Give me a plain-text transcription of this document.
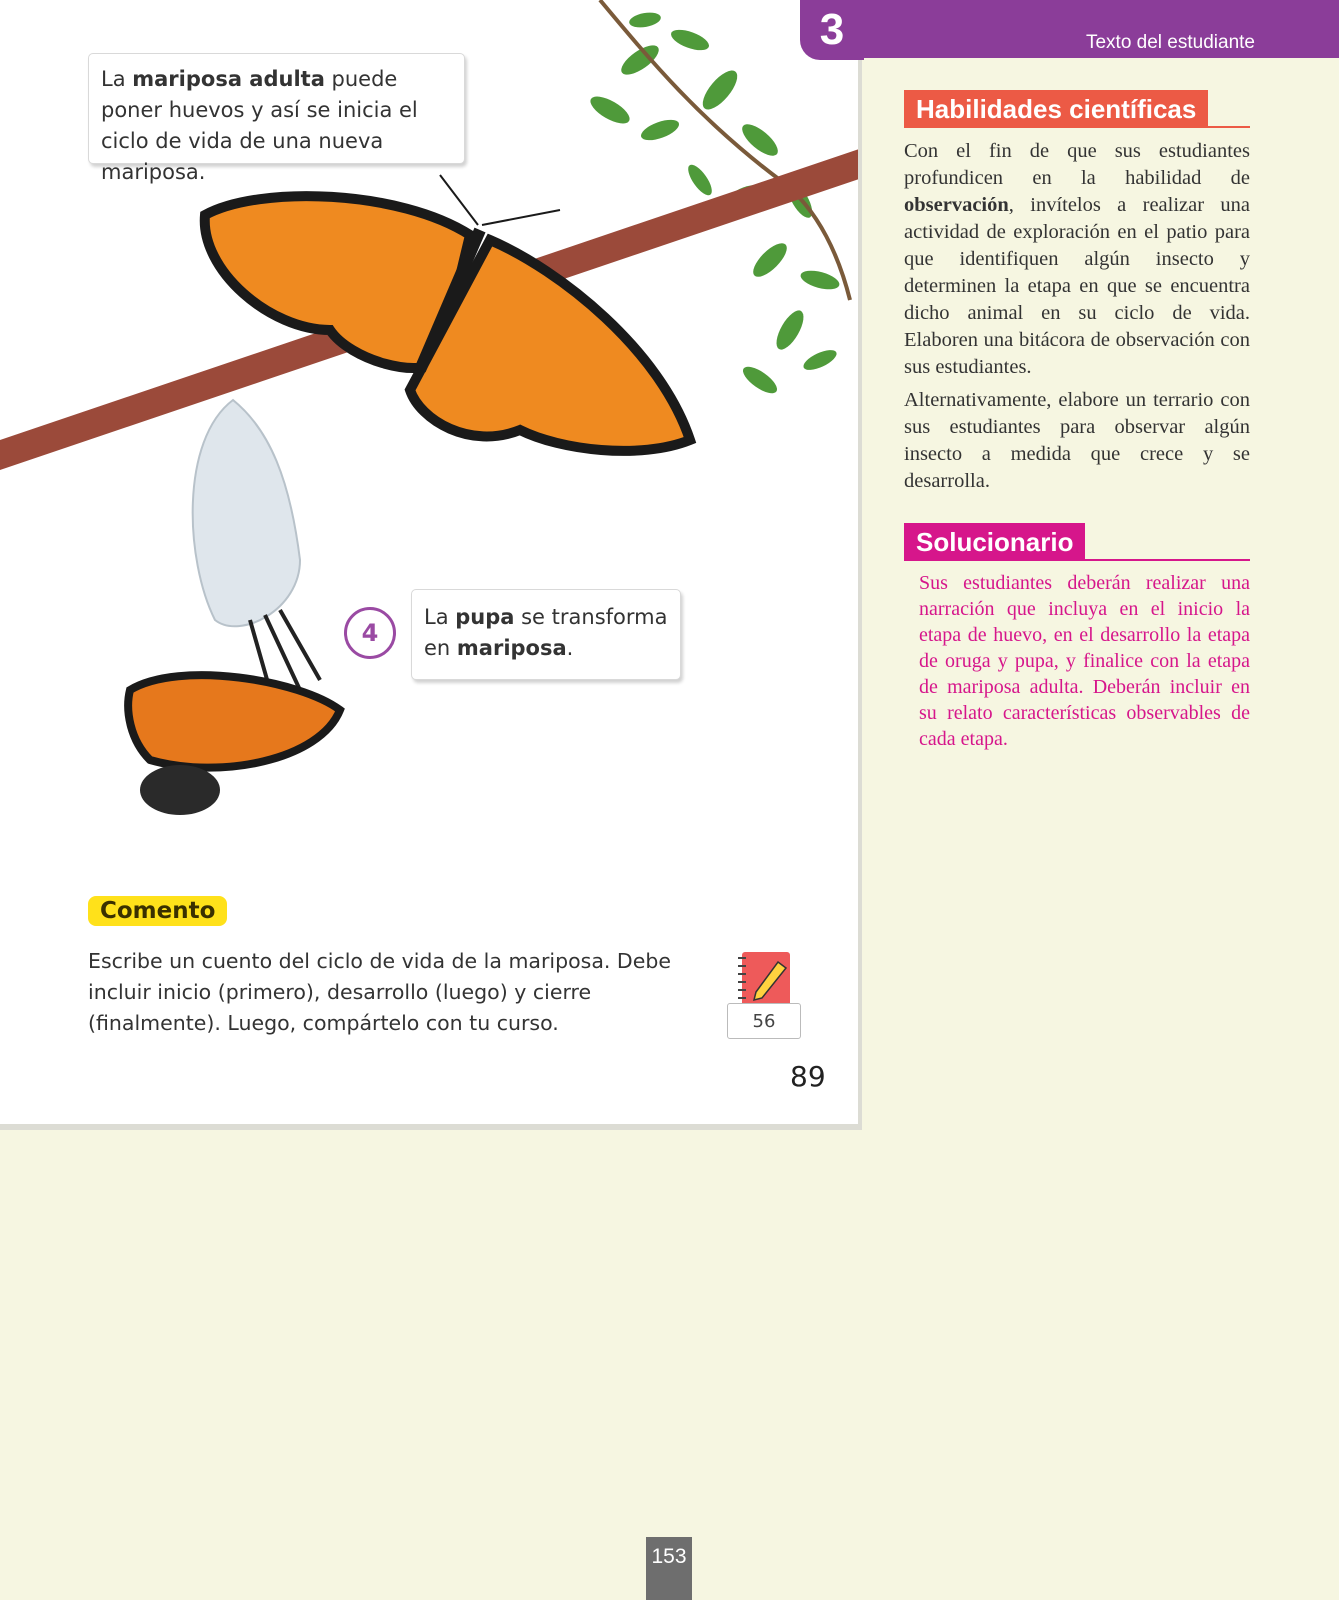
La mariposa adulta puede poner huevos y así se inicia el ciclo de vida de una nueva mariposa.
4
La pupa se transforma en mariposa.
Comento
Escribe un cuento del ciclo de vida de la mariposa. Debe incluir inicio (primero), desarrollo (luego) y cierre (finalmente). Luego, compártelo con tu curso.	56
89
Texto del estudiante
3
Habilidades científicas

Con el fin de que sus estudiantes profundicen en la habilidad de observación, invítelos a realizar una actividad de exploración en el patio para que identifiquen algún insecto y determinen la etapa en que se encuentra dicho animal en su ciclo de vida. Elaboren una bitácora de observación con sus estudiantes.

Alternativamente, elabore un terrario con sus estudiantes para observar algún insecto a medida que crece y se desarrolla.

Solucionario
Sus estudiantes deberán realizar una narración que incluya en el inicio la etapa de huevo, en el desarrollo la etapa de oruga y pupa, y finalice con la etapa de mariposa adulta. Deberán incluir en su relato características observables de cada etapa.
153
